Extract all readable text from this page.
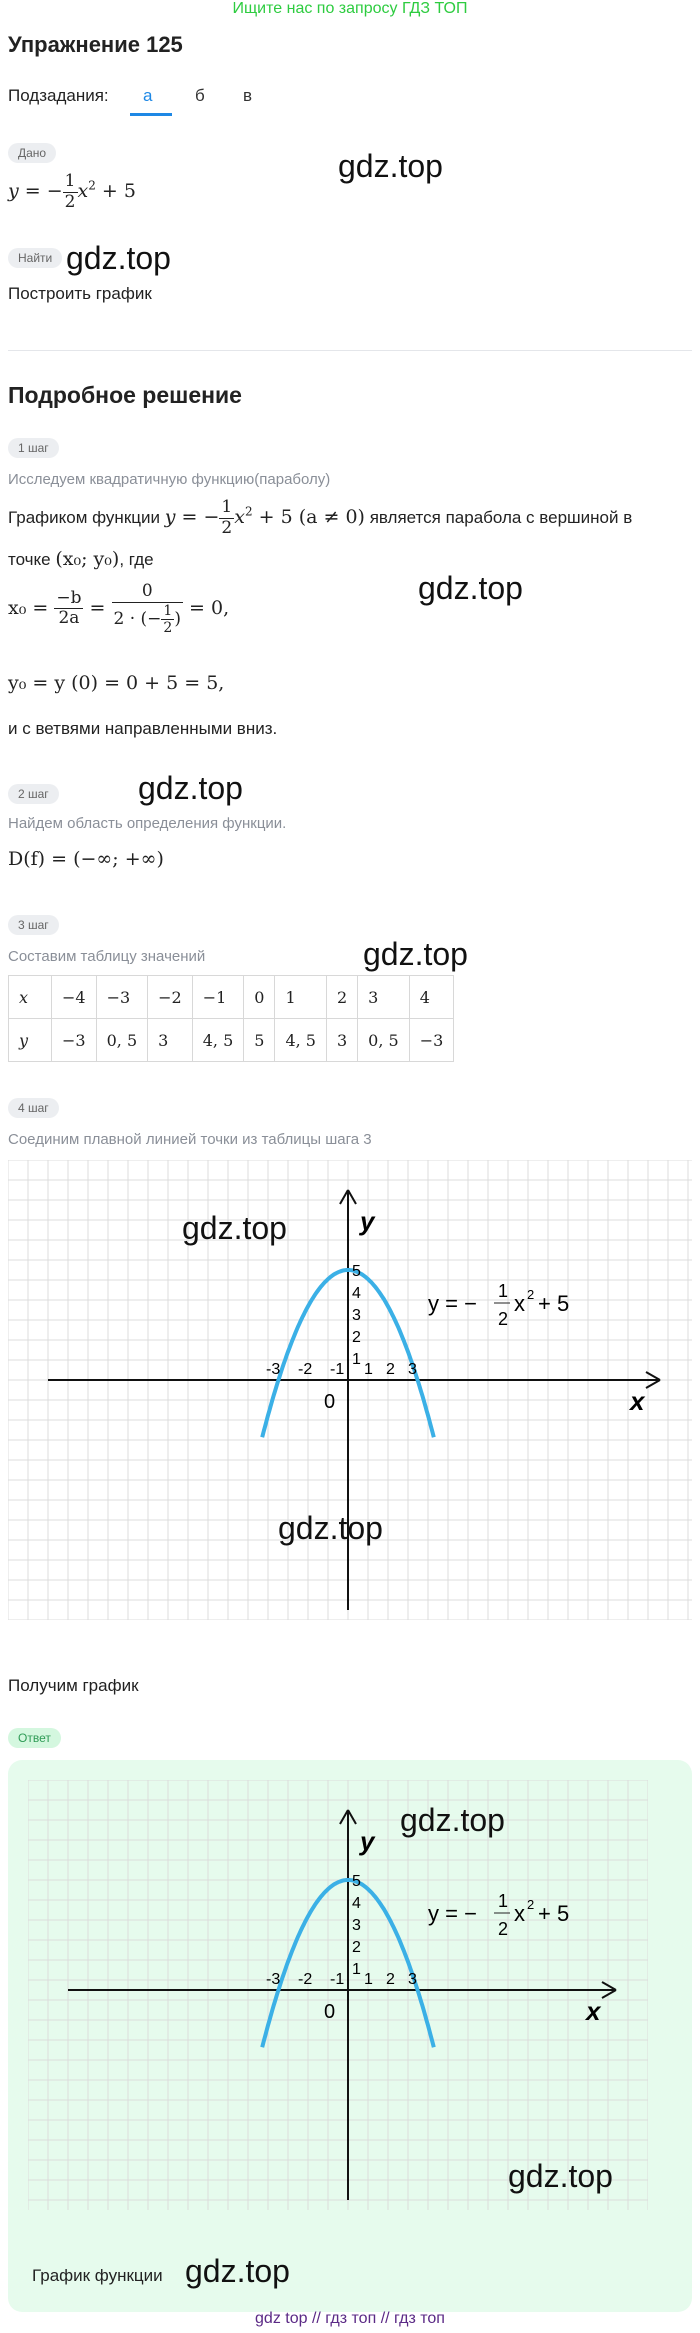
Ищите нас по запросу ГДЗ ТОП
Упражнение 125
Подзадания: а	б в
Дано
y = − $\frac{1}{2} x^2 + 5$
gdz.top
Найти gdz.top
Построить график
Подробное решение
1 шаг
Исследуем квадратичную функцию(параболу)
Графиком функции y = − $\frac{1}{2} x^2 + 5$ (a ≠ 0) является парабола с вершиной в
точке (x₀; y₀), где
gdz.top
$x_0 = \frac{-b}{2a} = \frac{0}{2 \cdot (- \frac{1}{2} )} = 0$,
y₀ = y (0) = 0 + 5 = 5,
и с ветвями направленными вниз.
2 шаг	gdz.top
Найдем область определения функции.
D(f) = (−∞; +∞)
3 шаг
gdz.top
Составим таблицу значений
x	−4	−3	−2	−1	0	1	2	3	4
y	−3	0, 5	3	4, 5	5	4, 5	3	0, 5	−3
4 шаг
Соединим плавной линией точки из таблицы шага 3
x
y
0
-3 -2 -1 1 2 3
1
2
3
4
5
y = − 1
2
x 2 + 5
gdz.top
gdz.top
Получим график
Ответ
x
y
0
-3 -2 -1 1 2 3
1
2
3
4
5
y = − 1
2
x 2 + 5
gdz.top
gdz.top
График функции gdz.top
gdz top // гдз топ // гдз топ
